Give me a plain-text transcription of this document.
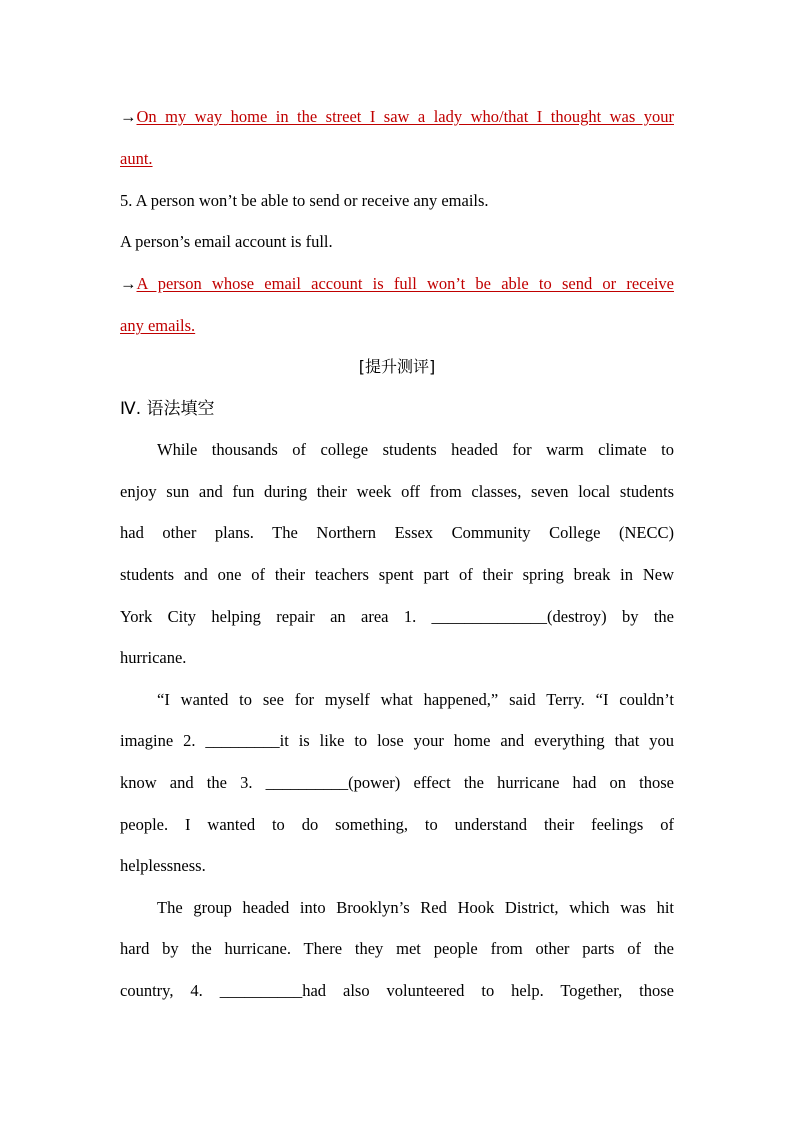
→On my way home in the street I saw a lady who/that I thought was your
aunt.
5. A person won’t be able to send or receive any emails.
A person’s email account is full.
→A person whose email account is full won’t be able to send or receive
any emails.
[提升测评]
Ⅳ. 语法填空
While thousands of college students headed for warm climate to
enjoy sun and fun during their week off from classes, seven local students
had other plans. The Northern Essex Community College (NECC)
students and one of their teachers spent part of their spring break in New
York City helping repair an area 1. ______________(destroy) by the
hurricane.
“I wanted to see for myself what happened,” said Terry. “I couldn’t
imagine 2. _________it is like to lose your home and everything that you
know and the 3. __________(power) effect the hurricane had on those
people. I wanted to do something, to understand their feelings of
helplessness.
The group headed into Brooklyn’s Red Hook District, which was hit
hard by the hurricane. There they met people from other parts of the
country, 4. __________had also volunteered to help. Together, those
